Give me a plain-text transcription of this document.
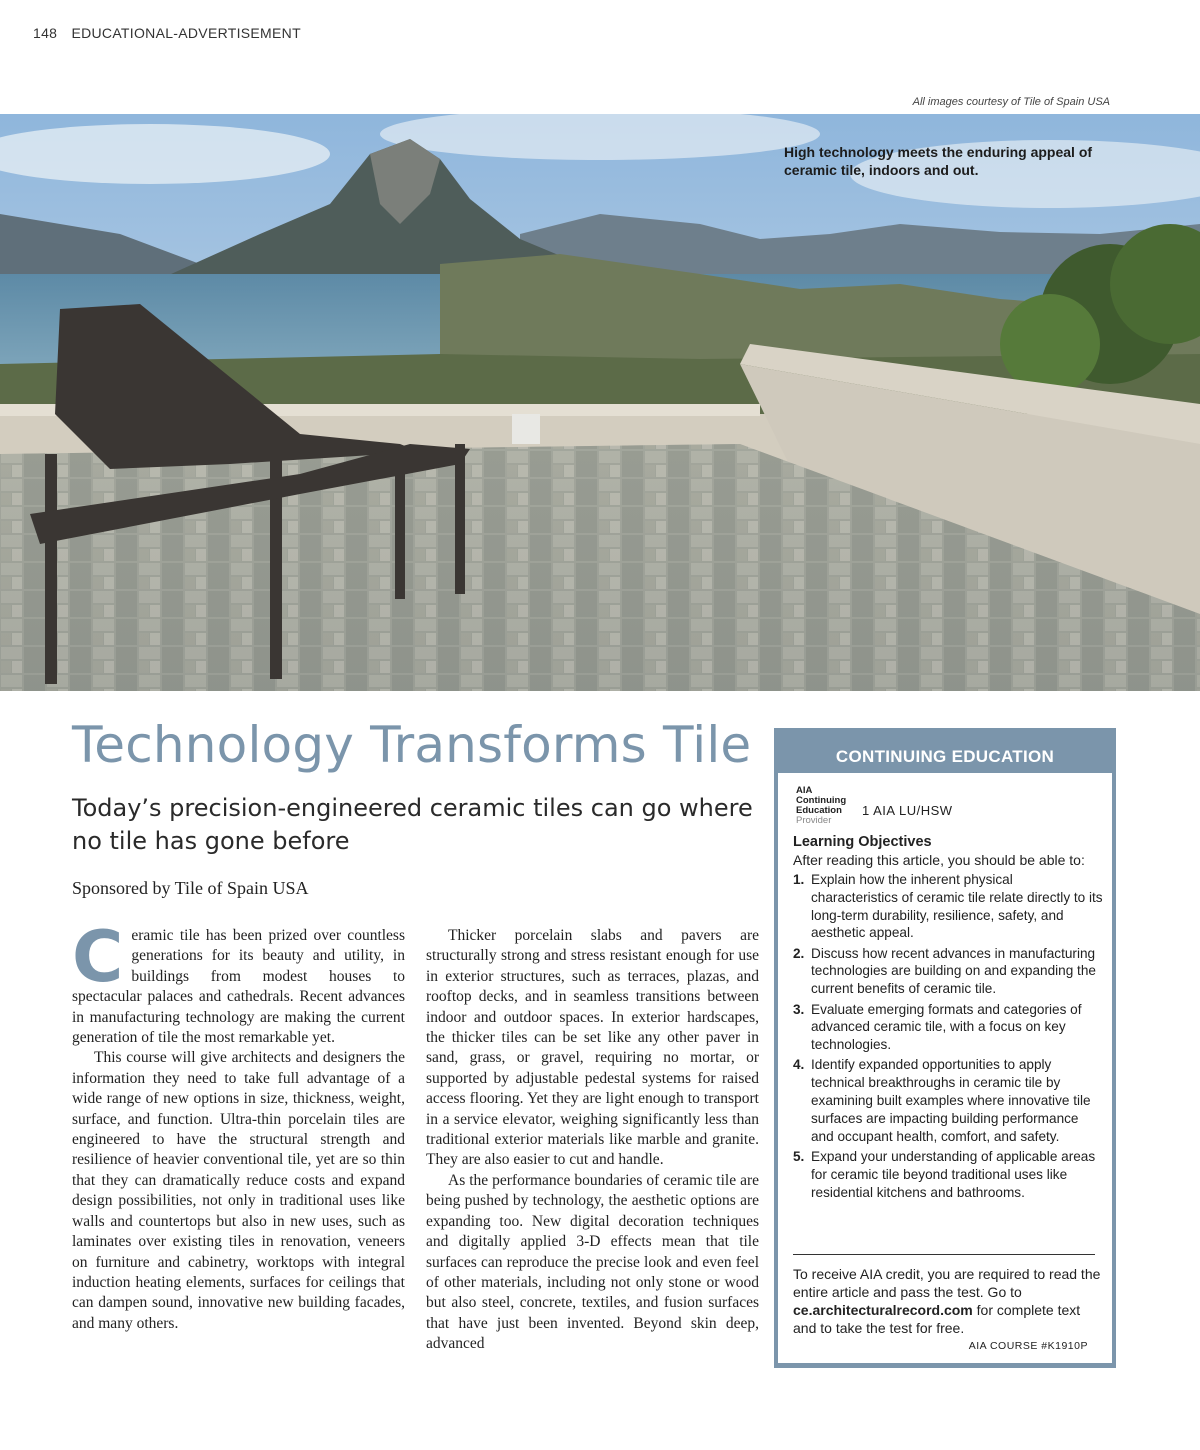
148 EDUCATIONAL-ADVERTISEMENT
All images courtesy of Tile of Spain USA
High technology meets the enduring appeal of ceramic tile, indoors and out.
Technology Transforms Tile
Today’s precision-engineered ceramic tiles can go where no tile has gone before
Sponsored by Tile of Spain USA

Ceramic tile has been prized over countless generations for its beauty and utility, in buildings from modest houses to spectacular palaces and cathedrals. Recent advances in manufacturing technology are making the current generation of tile the most remarkable yet.

This course will give architects and designers the information they need to take full advantage of a wide range of new options in size, thickness, weight, surface, and function. Ultra-thin porcelain tiles are engineered to have the structural strength and resilience of heavier conventional tile, yet are so thin that they can dramatically reduce costs and expand design possibilities, not only in traditional uses like walls and countertops but also in new uses, such as laminates over existing tiles in renovation, veneers on furniture and cabinetry, worktops with integral induction heating elements, surfaces for ceilings that can dampen sound, innovative new building facades, and many others.

Thicker porcelain slabs and pavers are structurally strong and stress resistant enough for use in exterior structures, such as terraces, plazas, and rooftop decks, and in seamless transitions between indoor and outdoor spaces. In exterior hardscapes, the thicker tiles can be set like any other paver in sand, grass, or gravel, requiring no mortar, or supported by adjustable pedestal systems for raised access flooring. Yet they are light enough to transport in a service elevator, weighing significantly less than traditional exterior materials like marble and granite. They are also easier to cut and handle.

As the performance boundaries of ceramic tile are being pushed by technology, the aesthetic options are expanding too. New digital decoration techniques and digitally applied 3-D effects mean that tile surfaces can reproduce the precise look and even feel of other materials, including not only stone or wood but also steel, concrete, textiles, and fusion surfaces that have just been invented. Beyond skin deep, advanced

CONTINUING EDUCATION
AIA
Continuing
Education
Provider
1 AIA LU/HSW
Learning Objectives
After reading this article, you should be able to:
1. Explain how the inherent physical characteristics of ceramic tile relate directly to its long-term durability, resilience, safety, and aesthetic appeal.
2. Discuss how recent advances in manufacturing technologies are building on and expanding the current benefits of ceramic tile.
3. Evaluate emerging formats and categories of advanced ceramic tile, with a focus on key technologies.
4. Identify expanded opportunities to apply technical breakthroughs in ceramic tile by examining built examples where innovative tile surfaces are impacting building performance and occupant health, comfort, and safety.
5. Expand your understanding of applicable areas for ceramic tile beyond traditional uses like residential kitchens and bathrooms.
To receive AIA credit, you are required to read the entire article and pass the test. Go to ce.architecturalrecord.com for complete text and to take the test for free.
AIA COURSE #K1910P
